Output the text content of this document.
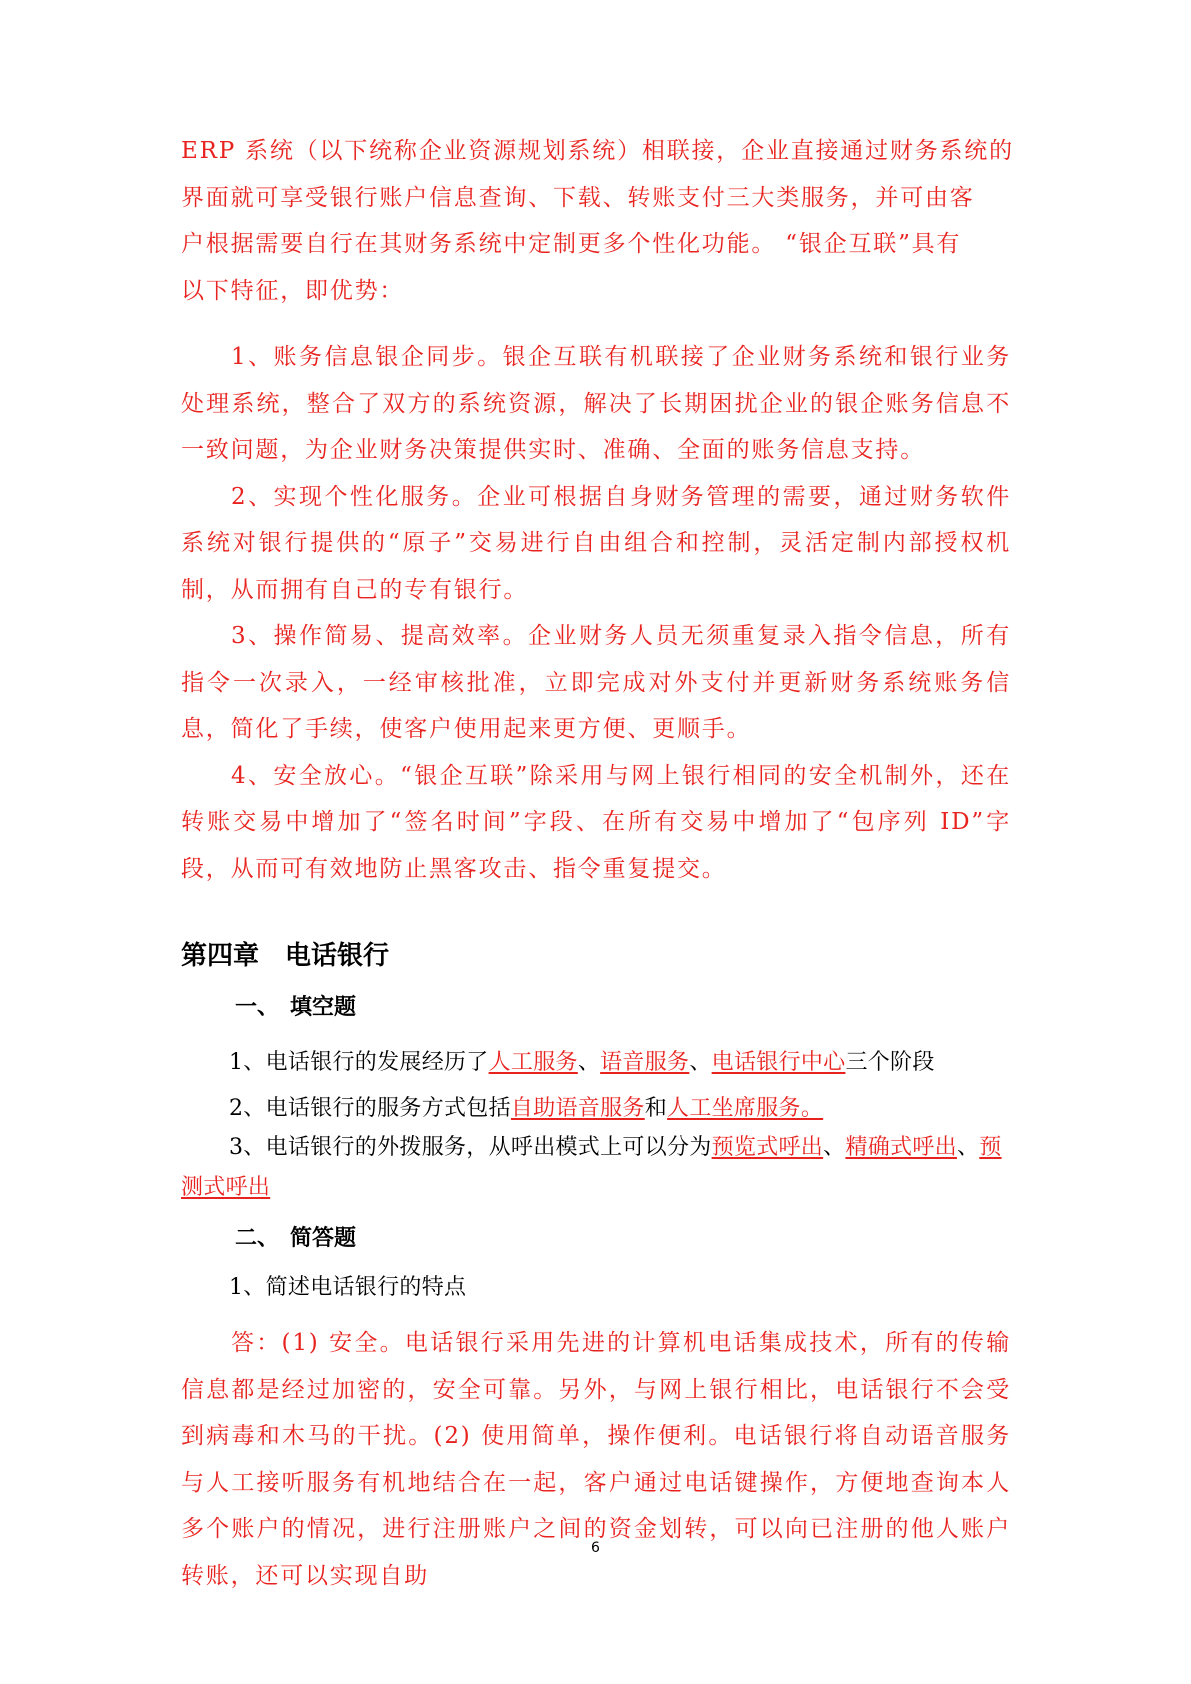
ERP 系统（以下统称企业资源规划系统）相联接，企业直接通过财务系统的

界面就可享受银行账户信息查询、下载、转账支付三大类服务，并可由客

户根据需要自行在其财务系统中定制更多个性化功能。 “银企互联”具有

以下特征，即优势：

1、账务信息银企同步。银企互联有机联接了企业财务系统和银行业务处理系统，整合了双方的系统资源，解决了长期困扰企业的银企账务信息不一致问题，为企业财务决策提供实时、准确、全面的账务信息支持。

2、实现个性化服务。企业可根据自身财务管理的需要，通过财务软件系统对银行提供的“原子”交易进行自由组合和控制，灵活定制内部授权机制，从而拥有自己的专有银行。

3、操作简易、提高效率。企业财务人员无须重复录入指令信息，所有指令一次录入，一经审核批准，立即完成对外支付并更新财务系统账务信息，简化了手续，使客户使用起来更方便、更顺手。

4、安全放心。“银企互联”除采用与网上银行相同的安全机制外，还在转账交易中增加了“签名时间”字段、在所有交易中增加了“包序列 ID”字段，从而可有效地防止黑客攻击、指令重复提交。

第四章　电话银行

一、　填空题

1、电话银行的发展经历了人工服务、语音服务、电话银行中心三个阶段

2、电话银行的服务方式包括自助语音服务和人工坐席服务。

3、电话银行的外拨服务，从呼出模式上可以分为预览式呼出、精确式呼出、预测式呼出

二、　简答题

1、简述电话银行的特点

答：(1) 安全。电话银行采用先进的计算机电话集成技术，所有的传输信息都是经过加密的，安全可靠。另外，与网上银行相比，电话银行不会受到病毒和木马的干扰。(2) 使用简单，操作便利。电话银行将自动语音服务与人工接听服务有机地结合在一起，客户通过电话键操作，方便地查询本人多个账户的情况，进行注册账户之间的资金划转，可以向已注册的他人账户转账，还可以实现自助

6
